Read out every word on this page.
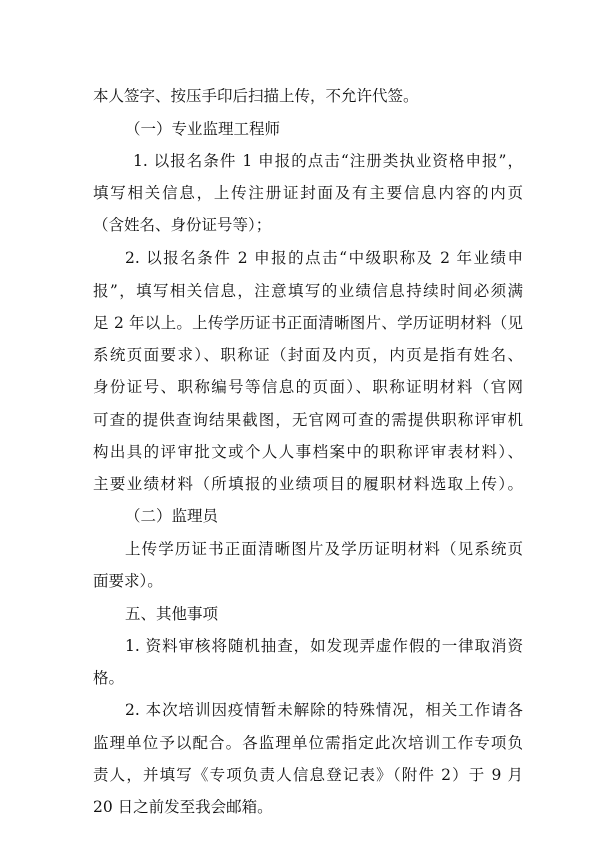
本人签字、按压手印后扫描上传，不允许代签。
（一）专业监理工程师
1. 以报名条件 1 申报的点击“注册类执业资格申报”，
填写相关信息，上传注册证封面及有主要信息内容的内页
（含姓名、身份证号等）；
2. 以报名条件 2 申报的点击“中级职称及 2 年业绩申
报”，填写相关信息，注意填写的业绩信息持续时间必须满
足 2 年以上。上传学历证书正面清晰图片、学历证明材料（见
系统页面要求）、职称证（封面及内页，内页是指有姓名、
身份证号、职称编号等信息的页面）、职称证明材料（官网
可查的提供查询结果截图，无官网可查的需提供职称评审机
构出具的评审批文或个人人事档案中的职称评审表材料）、
主要业绩材料（所填报的业绩项目的履职材料选取上传）。
（二）监理员
上传学历证书正面清晰图片及学历证明材料（见系统页
面要求）。
五、其他事项
1. 资料审核将随机抽查，如发现弄虚作假的一律取消资
格。
2. 本次培训因疫情暂未解除的特殊情况，相关工作请各
监理单位予以配合。各监理单位需指定此次培训工作专项负
责人，并填写《专项负责人信息登记表》（附件 2）于 9 月
20 日之前发至我会邮箱。
